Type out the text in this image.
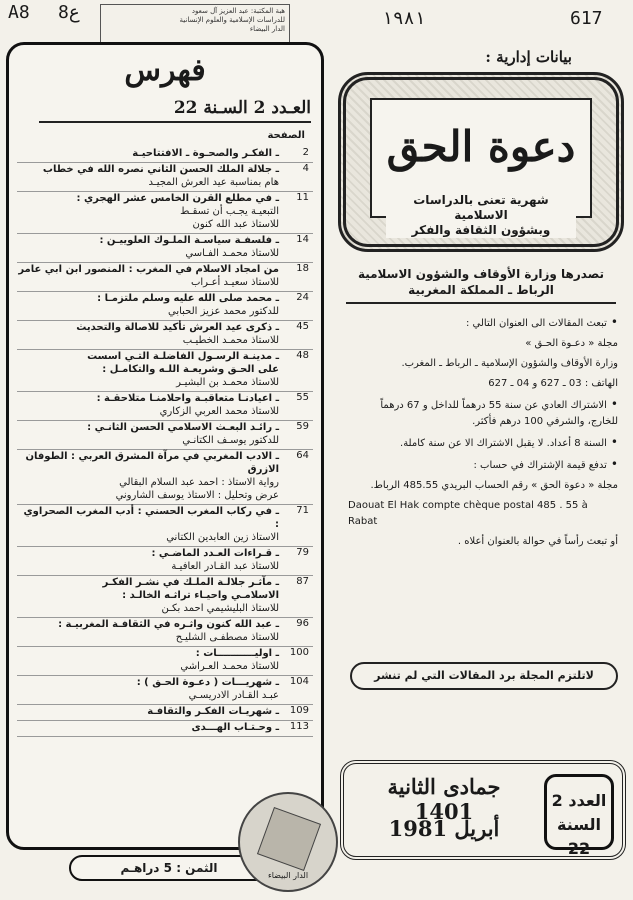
A8 8ع	١٩٨١	617
هبة المكتبة: عبد العزيز آل سعود
للدراسات الإسلامية والعلوم الإنسانية
الدار البيضاء
فهرس
العـدد 2 السـنة 22
الصفحة
2
ـ الفكـر والصحـوة ـ الافتتاحيـة
4
ـ جلالة الملك الحسن الثاني نصره الله في خطاب
هام بمناسبة عيد العرش المجيـد
11
ـ في مطلع القرن الخامس عشر الهجري :
التبعيـة يجـب أن تسقـط
للاستاذ عبد الله كنون
14
ـ فلسفـة سياسـة الملـوك العلوييـن :
للاستاذ محمـد الفـاسي
18
من امجاد الاسلام في المغرب : المنصور ابن ابي عامر
للاستاذ سعيـد أعـراب
24
ـ محمد صلى الله عليه وسلم ملتزمـا :
للدكتور محمد عزيز الحبابي
45
ـ ذكرى عيد العرش تأكيد للاصالة والتحديث
للاستاذ محمـد الخطيـب
48
ـ مدينـة الرسـول الفاضلـة التـي اسست
على الحـق وشريعـة اللـه والتكامـل :
للاستاذ محمـد بن البشيـر
55
ـ اعيادنـا متعاقبـة واحلامنـا متلاحقـة :
للاستاذ محمد العربي الزكاري
59
ـ رائـد البعـث الاسلامي الحسن الثانـي :
للدكتور يوسـف الكتانـي
64
ـ الادب المغربي في مرآة المشرق العربي : الطوفان الازرق
رواية الاستاذ : احمد عبد السلام البقالي
عرض وتحليل : الاستاذ يوسف الشاروني
71
ـ في ركاب المغرب الحسني : أدب المغرب الصحراوي :
الاستاذ زين العابدين الكتاني
79
ـ قـراءات العـدد الماضـي :
للاستاذ عبد القـادر العافيـة
87
ـ مآثـر جلالـة الملـك في نشـر الفكـر
الاسلامـي واحيـاء تراثـه الخالـد :
للاستاذ البليشيمي احمد بكـن
96
ـ عبد الله كنون واثـره في الثقافـة المغربيـة :
للاستاذ مصطفـى الشليـح
100
ـ اوليـــــــــــات :
للاستاذ محمـد العـراشي
104
ـ شهريـــات ( دعـوة الحـق ) :
عبـد القـادر الادريسـي
109
ـ شهريـات الفكـر والثقافـة
113
ـ وحـتـاب الهـــدى
الثمن : 5 دراهـم
بيانات إدارية :
دعوة الحق
شهرية تعنى بالدراسات الاسلامية
وبشؤون الثقافة والفكر
تصدرها وزارة الأوقاف والشؤون الاسلامية
الرباط ـ المملكة المغربية

• تبعث المقالات الى العنوان التالي :

مجلة « دعـوة الحـق »

وزارة الأوقاف والشؤون الإسلامية ـ الرباط ـ المغرب.

الهاتف : 03 ـ 627 و 04 ـ 627

• الاشتراك العادي عن سنة 55 درهماً للداخل و 67 درهماً للخارج، والشرفي 100 درهم فأكثر.

• السنة 8 أعداد. لا يقبل الاشتراك الا عن سنة كاملة.

• تدفع قيمة الإشتراك في حساب :

مجلة « دعوة الحق » رقم الحساب البريدي 485.55 الرباط.

Daouat El Hak compte chèque postal 485 . 55 à Rabat

أو تبعث رأساً في حوالة بالعنوان أعلاه .

لاتلتزم المجلة برد المقالات التي لم تنشر
العدد 2
السنة 22
جمادى الثانية 1401
أبريل 1981
الدار البيضاء
